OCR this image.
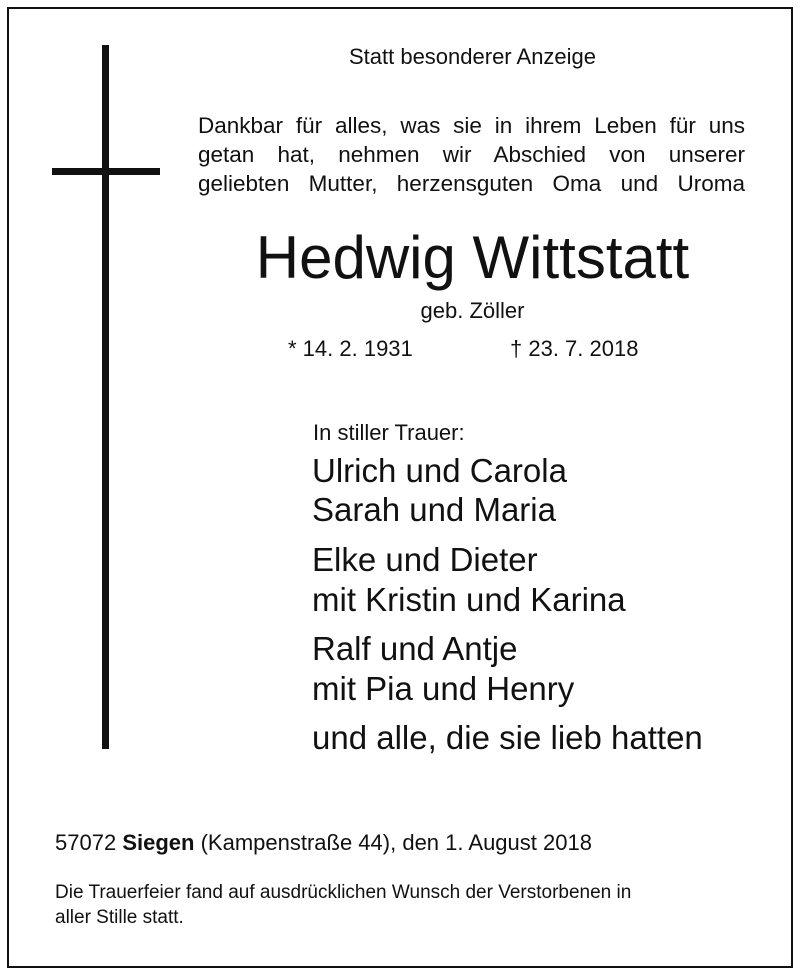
Statt besonderer Anzeige
Dankbar für alles, was sie in ihrem Leben für uns
getan hat, nehmen wir Abschied von unserer
geliebten Mutter, herzensguten Oma und Uroma
Hedwig Wittstatt
geb. Zöller
* 14. 2. 1931	† 23. 7. 2018
In stiller Trauer:
Ulrich und Carola
Sarah und Maria
Elke und Dieter
mit Kristin und Karina
Ralf und Antje
mit Pia und Henry
und alle, die sie lieb hatten
57072 Siegen (Kampenstraße 44), den 1. August 2018
Die Trauerfeier fand auf ausdrücklichen Wunsch der Verstorbenen in
aller Stille statt.
